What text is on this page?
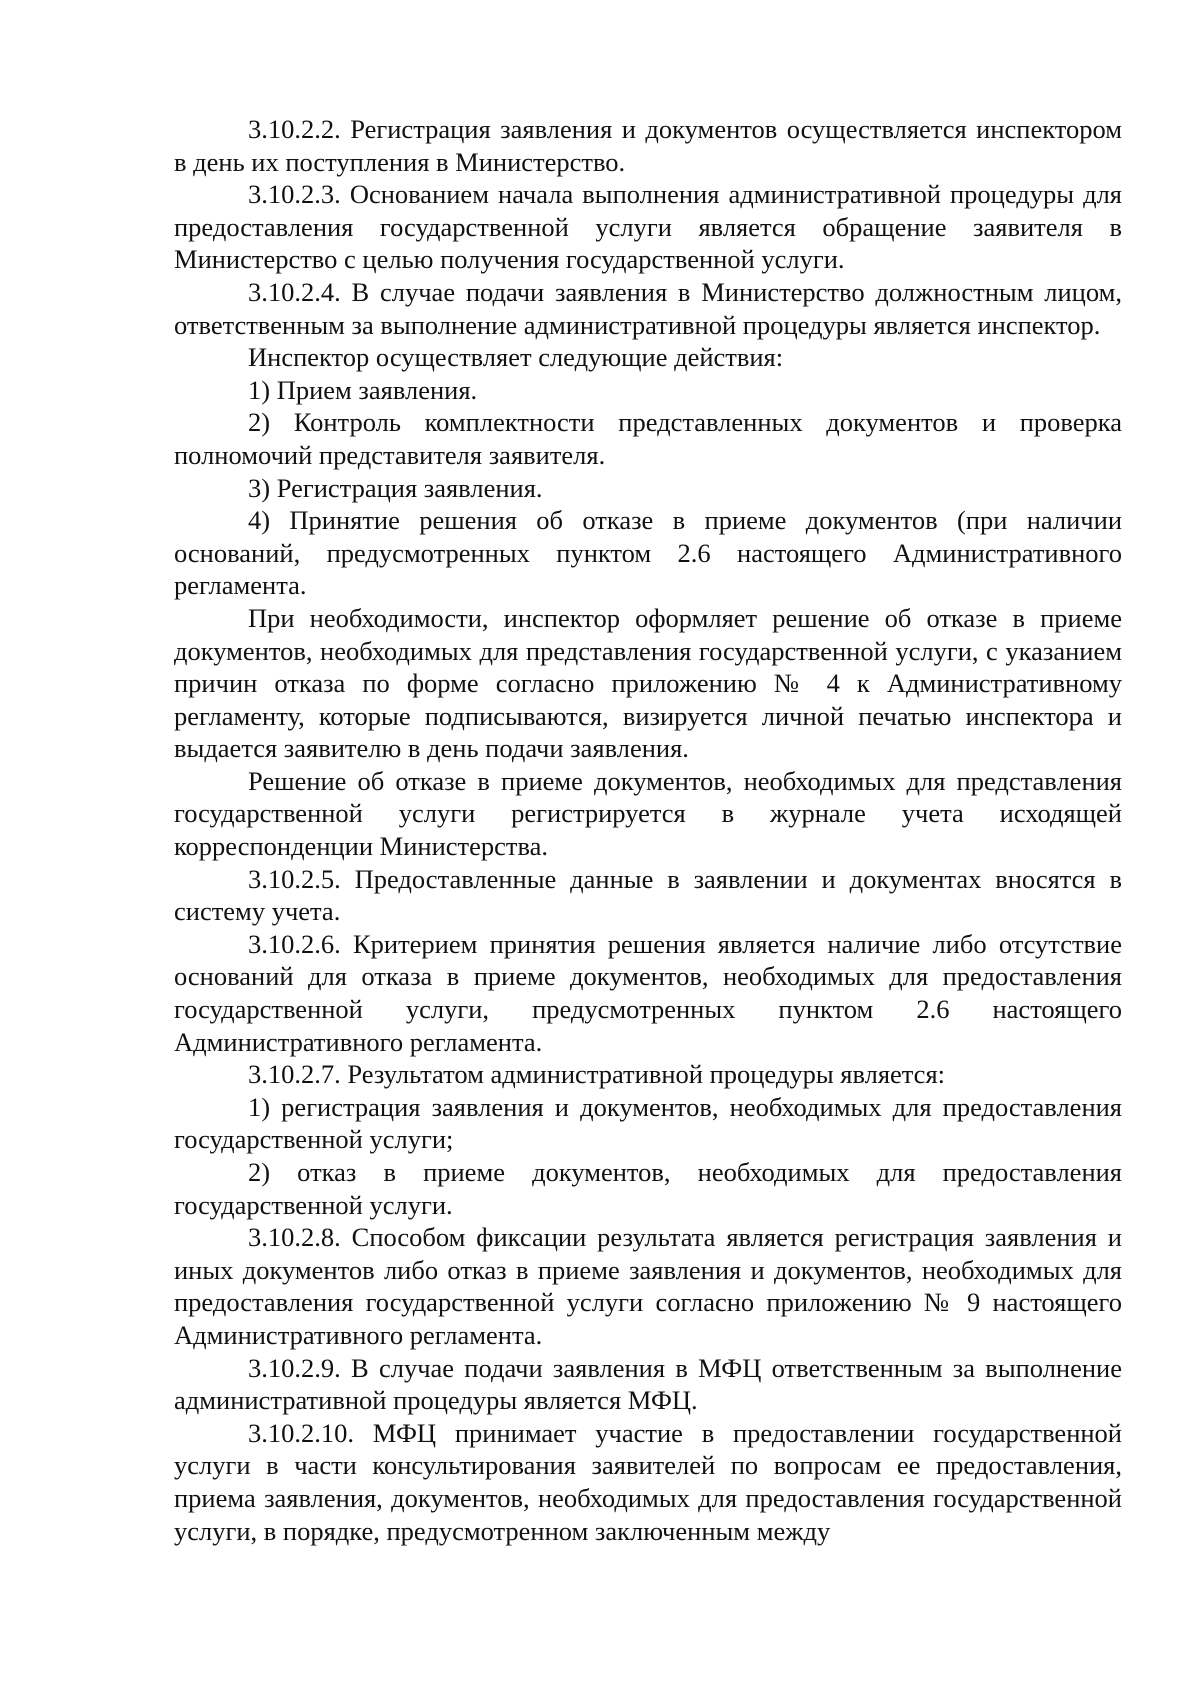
3.10.2.2. Регистрация заявления и документов осуществляется инспектором в день их поступления в Министерство.

3.10.2.3. Основанием начала выполнения административной процедуры для предоставления государственной услуги является обращение заявителя в Министерство с целью получения государственной услуги.

3.10.2.4. В случае подачи заявления в Министерство должностным лицом, ответственным за выполнение административной процедуры является инспектор.

Инспектор осуществляет следующие действия:

1) Прием заявления.

2) Контроль комплектности представленных документов и проверка полномочий представителя заявителя.

3) Регистрация заявления.

4) Принятие решения об отказе в приеме документов (при наличии оснований, предусмотренных пунктом 2.6 настоящего Административного регламента.

При необходимости, инспектор оформляет решение об отказе в приеме документов, необходимых для представления государственной услуги, с указанием причин отказа по форме согласно приложению № 4 к Административному регламенту, которые подписываются, визируется личной печатью инспектора и выдается заявителю в день подачи заявления.

Решение об отказе в приеме документов, необходимых для представления государственной услуги регистрируется в журнале учета исходящей корреспонденции Министерства.

3.10.2.5. Предоставленные данные в заявлении и документах вносятся в систему учета.

3.10.2.6. Критерием принятия решения является наличие либо отсутствие оснований для отказа в приеме документов, необходимых для предоставления государственной услуги, предусмотренных пунктом 2.6 настоящего Административного регламента.

3.10.2.7. Результатом административной процедуры является:

1) регистрация заявления и документов, необходимых для предоставления государственной услуги;

2) отказ в приеме документов, необходимых для предоставления государственной услуги.

3.10.2.8. Способом фиксации результата является регистрация заявления и иных документов либо отказ в приеме заявления и документов, необходимых для предоставления государственной услуги согласно приложению № 9 настоящего Административного регламента.

3.10.2.9. В случае подачи заявления в МФЦ ответственным за выполнение административной процедуры является МФЦ.

3.10.2.10. МФЦ принимает участие в предоставлении государственной услуги в части консультирования заявителей по вопросам ее предоставления, приема заявления, документов, необходимых для предоставления государственной услуги, в порядке, предусмотренном заключенным между
